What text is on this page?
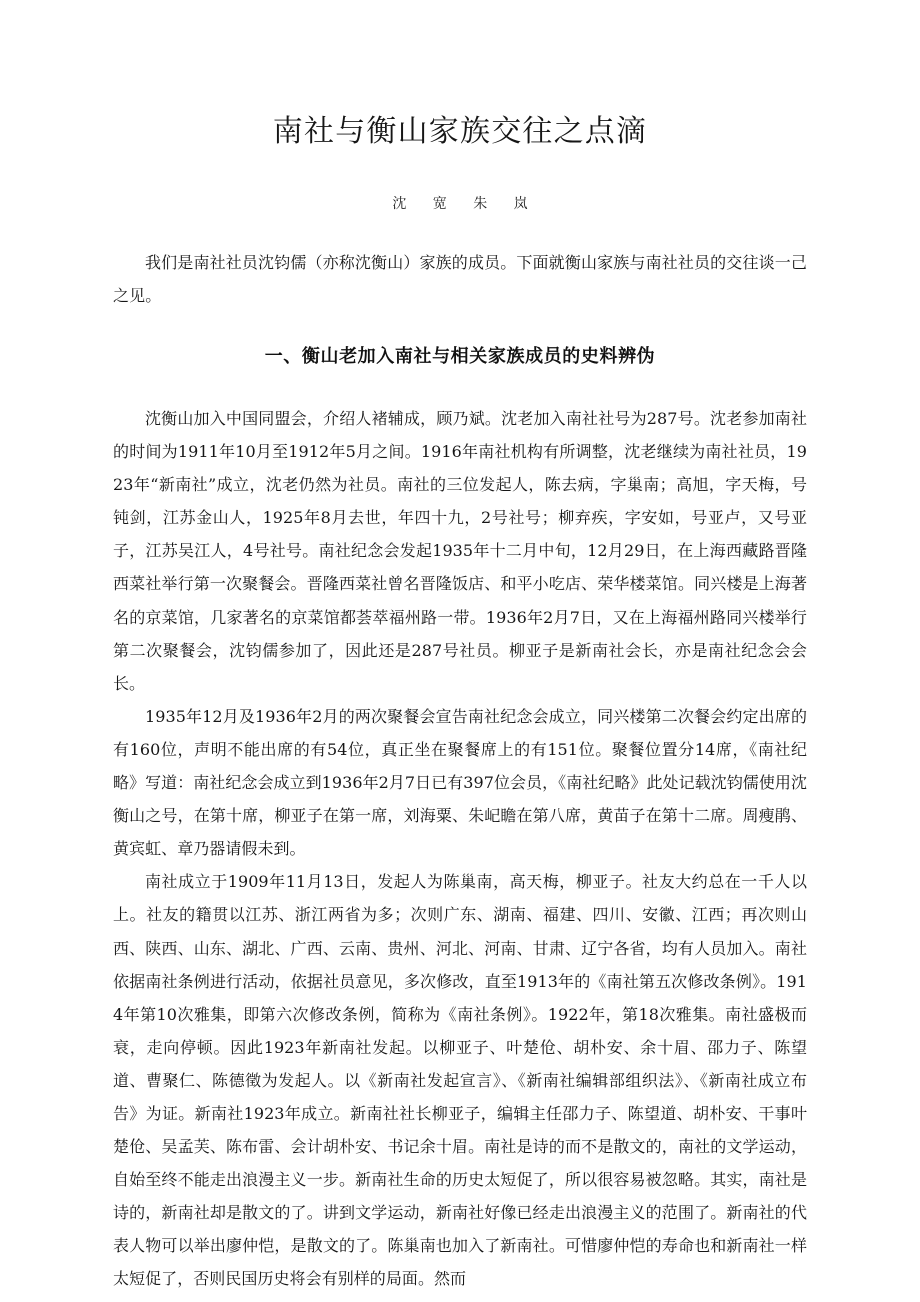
南社与衡山家族交往之点滴
沈 宽 朱 岚

我们是南社社员沈钧儒（亦称沈衡山）家族的成员。下面就衡山家族与南社社员的交往谈一己之见。

一、衡山老加入南社与相关家族成员的史料辨伪

沈衡山加入中国同盟会，介绍人褚辅成，顾乃斌。沈老加入南社社号为287号。沈老参加南社的时间为1911年10月至1912年5月之间。1916年南社机构有所调整，沈老继续为南社社员，1923年“新南社”成立，沈老仍然为社员。南社的三位发起人，陈去病，字巢南；高旭，字天梅，号钝剑，江苏金山人，1925年8月去世，年四十九，2号社号；柳弃疾，字安如，号亚卢，又号亚子，江苏吴江人，4号社号。南社纪念会发起1935年十二月中旬，12月29日，在上海西藏路晋隆西菜社举行第一次聚餐会。晋隆西菜社曾名晋隆饭店、和平小吃店、荣华楼菜馆。同兴楼是上海著名的京菜馆，几家著名的京菜馆都荟萃福州路一带。1936年2月7日，又在上海福州路同兴楼举行第二次聚餐会，沈钧儒参加了，因此还是287号社员。柳亚子是新南社会长，亦是南社纪念会会长。

1935年12月及1936年2月的两次聚餐会宣告南社纪念会成立，同兴楼第二次餐会约定出席的有160位，声明不能出席的有54位，真正坐在聚餐席上的有151位。聚餐位置分14席，《南社纪略》写道：南社纪念会成立到1936年2月7日已有397位会员，《南社纪略》此处记载沈钧儒使用沈衡山之号，在第十席，柳亚子在第一席，刘海粟、朱屺瞻在第八席，黄苗子在第十二席。周瘦鹃、黄宾虹、章乃器请假未到。

南社成立于1909年11月13日，发起人为陈巢南，高天梅，柳亚子。社友大约总在一千人以上。社友的籍贯以江苏、浙江两省为多；次则广东、湖南、福建、四川、安徽、江西；再次则山西、陕西、山东、湖北、广西、云南、贵州、河北、河南、甘肃、辽宁各省，均有人员加入。南社依据南社条例进行活动，依据社员意见，多次修改，直至1913年的《南社第五次修改条例》。1914年第10次雅集，即第六次修改条例，简称为《南社条例》。1922年，第18次雅集。南社盛极而衰，走向停顿。因此1923年新南社发起。以柳亚子、叶楚伧、胡朴安、余十眉、邵力子、陈望道、曹聚仁、陈德徵为发起人。以《新南社发起宣言》、《新南社编辑部组织法》、《新南社成立布告》为证。新南社1923年成立。新南社社长柳亚子，编辑主任邵力子、陈望道、胡朴安、干事叶楚伧、吴孟芙、陈布雷、会计胡朴安、书记余十眉。南社是诗的而不是散文的，南社的文学运动，自始至终不能走出浪漫主义一步。新南社生命的历史太短促了，所以很容易被忽略。其实，南社是诗的，新南社却是散文的了。讲到文学运动，新南社好像已经走出浪漫主义的范围了。新南社的代表人物可以举出廖仲恺，是散文的了。陈巢南也加入了新南社。可惜廖仲恺的寿命也和新南社一样太短促了，否则民国历史将会有别样的局面。然而
